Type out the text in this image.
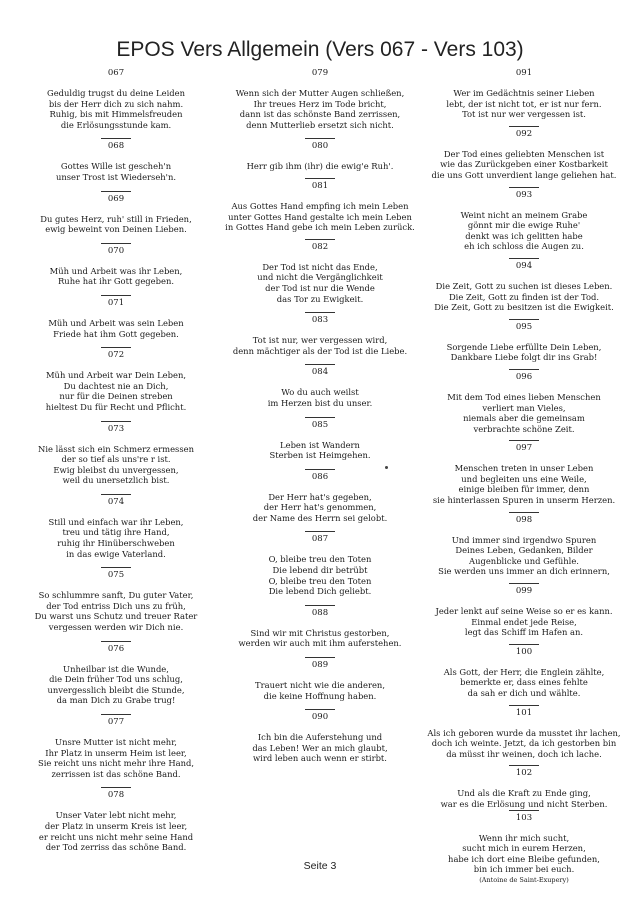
EPOS Vers Allgemein (Vers 067 - Vers 103)
067
Geduldig trugst du deine Leiden
bis der Herr dich zu sich nahm.
Ruhig, bis mit Himmelsfreuden
die Erlösungsstunde kam.
068
Gottes Wille ist gescheh'n
unser Trost ist Wiederseh'n.
069
Du gutes Herz, ruh' still in Frieden,
ewig beweint von Deinen Lieben.
070
Müh und Arbeit was ihr Leben,
Ruhe hat ihr Gott gegeben.
071
Müh und Arbeit was sein Leben
Friede hat ihm Gott gegeben.
072
Müh und Arbeit war Dein Leben,
Du dachtest nie an Dich,
nur für die Deinen streben
hieltest Du für Recht und Pflicht.
073
Nie lässt sich ein Schmerz ermessen
der so tief als uns're r ist.
Ewig bleibst du unvergessen,
weil du unersetzlich bist.
074
Still und einfach war ihr Leben,
treu und tätig ihre Hand,
ruhig ihr Hinüberschweben
in das ewige Vaterland.
075
So schlummre sanft, Du guter Vater,
der Tod entriss Dich uns zu früh,
Du warst uns Schutz und treuer Rater
vergessen werden wir Dich nie.
076
Unheilbar ist die Wunde,
die Dein früher Tod uns schlug,
unvergesslich bleibt die Stunde,
da man Dich zu Grabe trug!
077
Unsre Mutter ist nicht mehr,
Ihr Platz in unserm Heim ist leer,
Sie reicht uns nicht mehr ihre Hand,
zerrissen ist das schöne Band.
078
Unser Vater lebt nicht mehr,
der Platz in unserm Kreis ist leer,
er reicht uns nicht mehr seine Hand
der Tod zerriss das schöne Band.
079
Wenn sich der Mutter Augen schließen,
Ihr treues Herz im Tode bricht,
dann ist das schönste Band zerrissen,
denn Mutterlieb ersetzt sich nicht.
080
Herr gib ihm (ihr) die ewig'e Ruh'.
081
Aus Gottes Hand empfing ich mein Leben
unter Gottes Hand gestalte ich mein Leben
in Gottes Hand gebe ich mein Leben zurück.
082
Der Tod ist nicht das Ende,
und nicht die Vergänglichkeit
der Tod ist nur die Wende
das Tor zu Ewigkeit.
083
Tot ist nur, wer vergessen wird,
denn mächtiger als der Tod ist die Liebe.
084
Wo du auch weilst
im Herzen bist du unser.
085
Leben ist Wandern
Sterben ist Heimgehen.
086
Der Herr hat's gegeben,
der Herr hat's genommen,
der Name des Herrn sei gelobt.
087
O, bleibe treu den Toten
Die lebend dir betrübt
O, bleibe treu den Toten
Die lebend Dich geliebt.
088
Sind wir mit Christus gestorben,
werden wir auch mit ihm auferstehen.
089
Trauert nicht wie die anderen,
die keine Hoffnung haben.
090
Ich bin die Auferstehung und
das Leben! Wer an mich glaubt,
wird leben auch wenn er stirbt.
091
Wer im Gedächtnis seiner Lieben
lebt, der ist nicht tot, er ist nur fern.
Tot ist nur wer vergessen ist.
092
Der Tod eines geliebten Menschen ist
wie das Zurückgeben einer Kostbarkeit
die uns Gott unverdient lange geliehen hat.
093
Weint nicht an meinem Grabe
gönnt mir die ewige Ruhe'
denkt was ich gelitten habe
eh ich schloss die Augen zu.
094
Die Zeit, Gott zu suchen ist dieses Leben.
Die Zeit, Gott zu finden ist der Tod.
Die Zeit, Gott zu besitzen ist die Ewigkeit.
095
Sorgende Liebe erfüllte Dein Leben,
Dankbare Liebe folgt dir ins Grab!
096
Mit dem Tod eines lieben Menschen
verliert man Vieles,
niemals aber die gemeinsam
verbrachte schöne Zeit.
097
Menschen treten in unser Leben
und begleiten uns eine Weile,
einige bleiben für immer, denn
sie hinterlassen Spuren in unserm Herzen.
098
Und immer sind irgendwo Spuren
Deines Leben, Gedanken, Bilder
Augenblicke und Gefühle.
Sie werden uns immer an dich erinnern,
099
Jeder lenkt auf seine Weise so er es kann.
Einmal endet jede Reise,
legt das Schiff im Hafen an.
100
Als Gott, der Herr, die Englein zählte,
bemerkte er, dass eines fehlte
da sah er dich und wählte.
101
Als ich geboren wurde da musstet ihr lachen,
doch ich weinte. Jetzt, da ich gestorben bin
da müsst ihr weinen, doch ich lache.
102
Und als die Kraft zu Ende ging,
war es die Erlösung und nicht Sterben.
103
Wenn ihr mich sucht,
sucht mich in eurem Herzen,
habe ich dort eine Bleibe gefunden,
bin ich immer bei euch.
(Antoine de Saint-Exupery)
Seite 3
